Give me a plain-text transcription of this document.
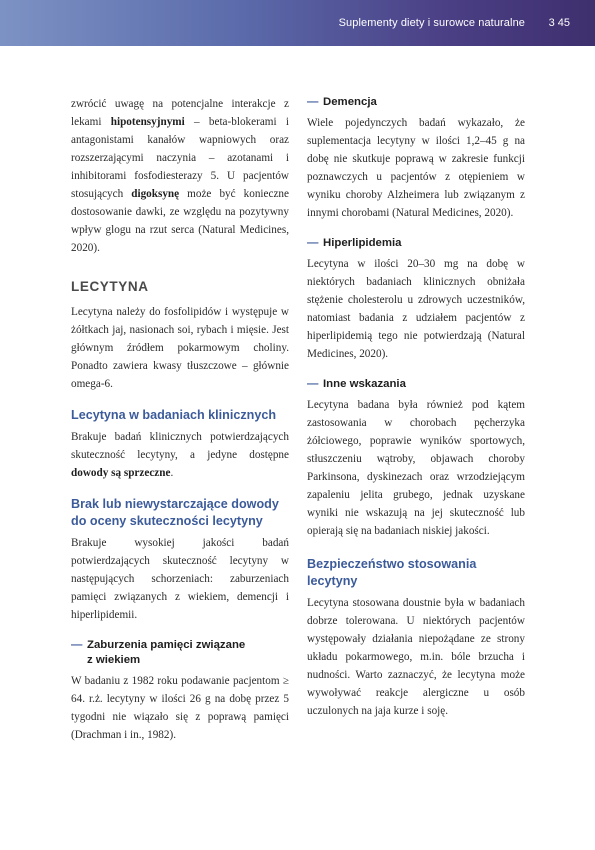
Suplementy diety i surowce naturalne 3 45

zwrócić uwagę na potencjalne interakcje z lekami hipotensyjnymi – beta-blokerami i antagonistami kanałów wapniowych oraz rozszerzającymi naczynia – azotanami i inhibitorami fosfodiesterazy 5. U pacjentów stosujących digoksynę może być konieczne dostosowanie dawki, ze względu na pozytywny wpływ glogu na rzut serca (Natural Medicines, 2020).

LECYTYNA

Lecytyna należy do fosfolipidów i występuje w żółtkach jaj, nasionach soi, rybach i mięsie. Jest głównym źródłem pokarmowym choliny. Ponadto zawiera kwasy tłuszczowe – głównie omega-6.

Lecytyna w badaniach klinicznych

Brakuje badań klinicznych potwierdzających skuteczność lecytyny, a jedyne dostępne dowody są sprzeczne.

Brak lub niewystarczające dowody do oceny skuteczności lecytyny

Brakuje wysokiej jakości badań potwierdzających skuteczność lecytyny w następujących schorzeniach: zaburzeniach pamięci związanych z wiekiem, demencji i hiperlipidemii.

— Zaburzenia pamięci związane
z wiekiem

W badaniu z 1982 roku podawanie pacjentom ≥ 64. r.ż. lecytyny w ilości 26 g na dobę przez 5 tygodni nie wiązało się z poprawą pamięci (Drachman i in., 1982).

— Demencja

Wiele pojedynczych badań wykazało, że suplementacja lecytyny w ilości 1,2–45 g na dobę nie skutkuje poprawą w zakresie funkcji poznawczych u pacjentów z otępieniem w wyniku choroby Alzheimera lub związanym z innymi chorobami (Natural Medicines, 2020).

— Hiperlipidemia

Lecytyna w ilości 20–30 mg na dobę w niektórych badaniach klinicznych obniżała stężenie cholesterolu u zdrowych uczestników, natomiast badania z udziałem pacjentów z hiperlipidemią tego nie potwierdzają (Natural Medicines, 2020).

— Inne wskazania

Lecytyna badana była również pod kątem zastosowania w chorobach pęcherzyka żółciowego, poprawie wyników sportowych, stłuszczeniu wątroby, objawach choroby Parkinsona, dyskinezach oraz wrzodziejącym zapaleniu jelita grubego, jednak uzyskane wyniki nie wskazują na jej skuteczność lub opierają się na badaniach niskiej jakości.

Bezpieczeństwo stosowania lecytyny

Lecytyna stosowana doustnie była w badaniach dobrze tolerowana. U niektórych pacjentów występowały działania niepożądane ze strony układu pokarmowego, m.in. bóle brzucha i nudności. Warto zaznaczyć, że lecytyna może wywoływać reakcje alergiczne u osób uczulonych na jaja kurze i soję.
